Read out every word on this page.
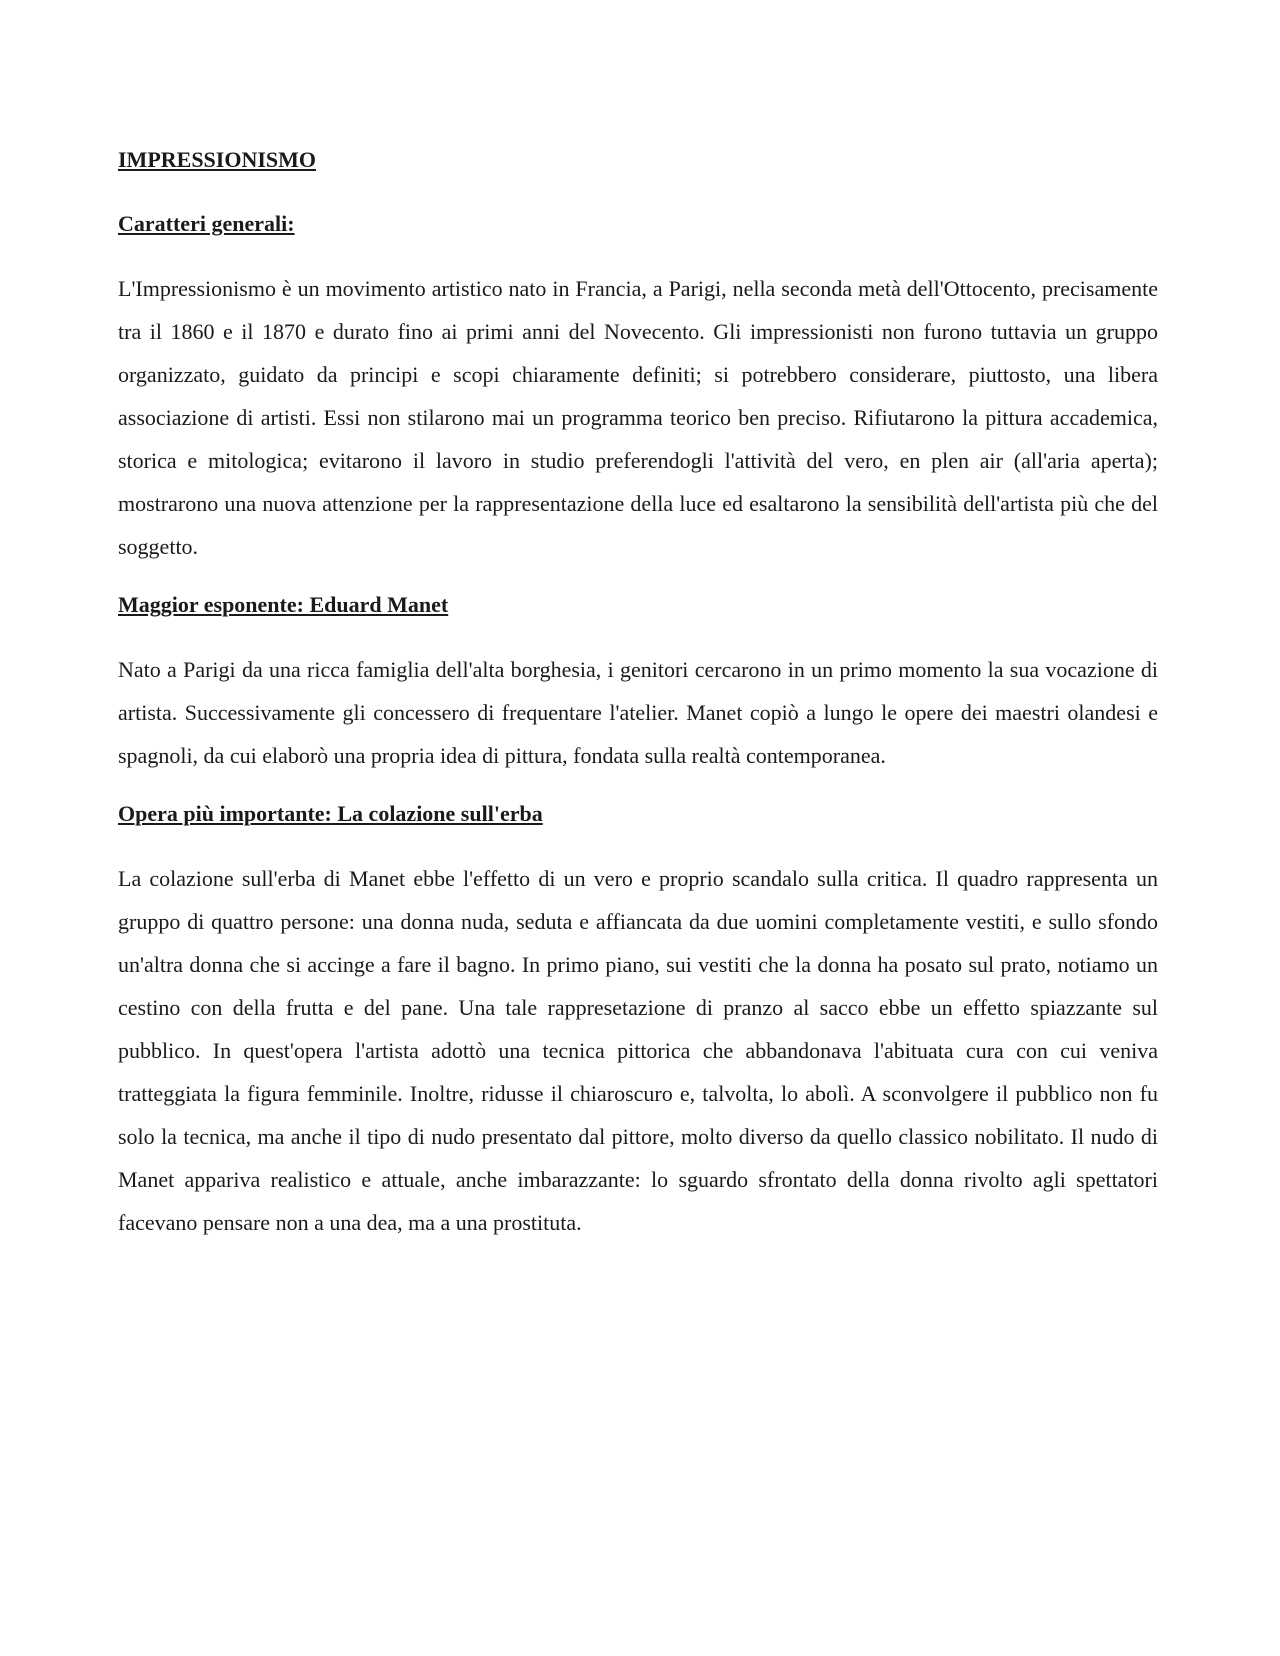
IMPRESSIONISMO
Caratteri generali:

L'Impressionismo è un movimento artistico nato in Francia, a Parigi, nella seconda metà dell'Ottocento, precisamente tra il 1860 e il 1870 e durato fino ai primi anni del Novecento. Gli impressionisti non furono tuttavia un gruppo organizzato, guidato da principi e scopi chiaramente definiti; si potrebbero considerare, piuttosto, una libera associazione di artisti. Essi non stilarono mai un programma teorico ben preciso. Rifiutarono la pittura accademica, storica e mitologica; evitarono il lavoro in studio preferendogli l'attività del vero, en plen air (all'aria aperta); mostrarono una nuova attenzione per la rappresentazione della luce ed esaltarono la sensibilità dell'artista più che del soggetto.

Maggior esponente: Eduard Manet

Nato a Parigi da una ricca famiglia dell'alta borghesia, i genitori cercarono in un primo momento la sua vocazione di artista. Successivamente gli concessero di frequentare l'atelier. Manet copiò a lungo le opere dei maestri olandesi e spagnoli, da cui elaborò una propria idea di pittura, fondata sulla realtà contemporanea.

Opera più importante: La colazione sull'erba

La colazione sull'erba di Manet ebbe l'effetto di un vero e proprio scandalo sulla critica. Il quadro rappresenta un gruppo di quattro persone: una donna nuda, seduta e affiancata da due uomini completamente vestiti, e sullo sfondo un'altra donna che si accinge a fare il bagno. In primo piano, sui vestiti che la donna ha posato sul prato, notiamo un cestino con della frutta e del pane. Una tale rappresetazione di pranzo al sacco ebbe un effetto spiazzante sul pubblico. In quest'opera l'artista adottò una tecnica pittorica che abbandonava l'abituata cura con cui veniva tratteggiata la figura femminile. Inoltre, ridusse il chiaroscuro e, talvolta, lo abolì. A sconvolgere il pubblico non fu solo la tecnica, ma anche il tipo di nudo presentato dal pittore, molto diverso da quello classico nobilitato. Il nudo di Manet appariva realistico e attuale, anche imbarazzante: lo sguardo sfrontato della donna rivolto agli spettatori facevano pensare non a una dea, ma a una prostituta.
